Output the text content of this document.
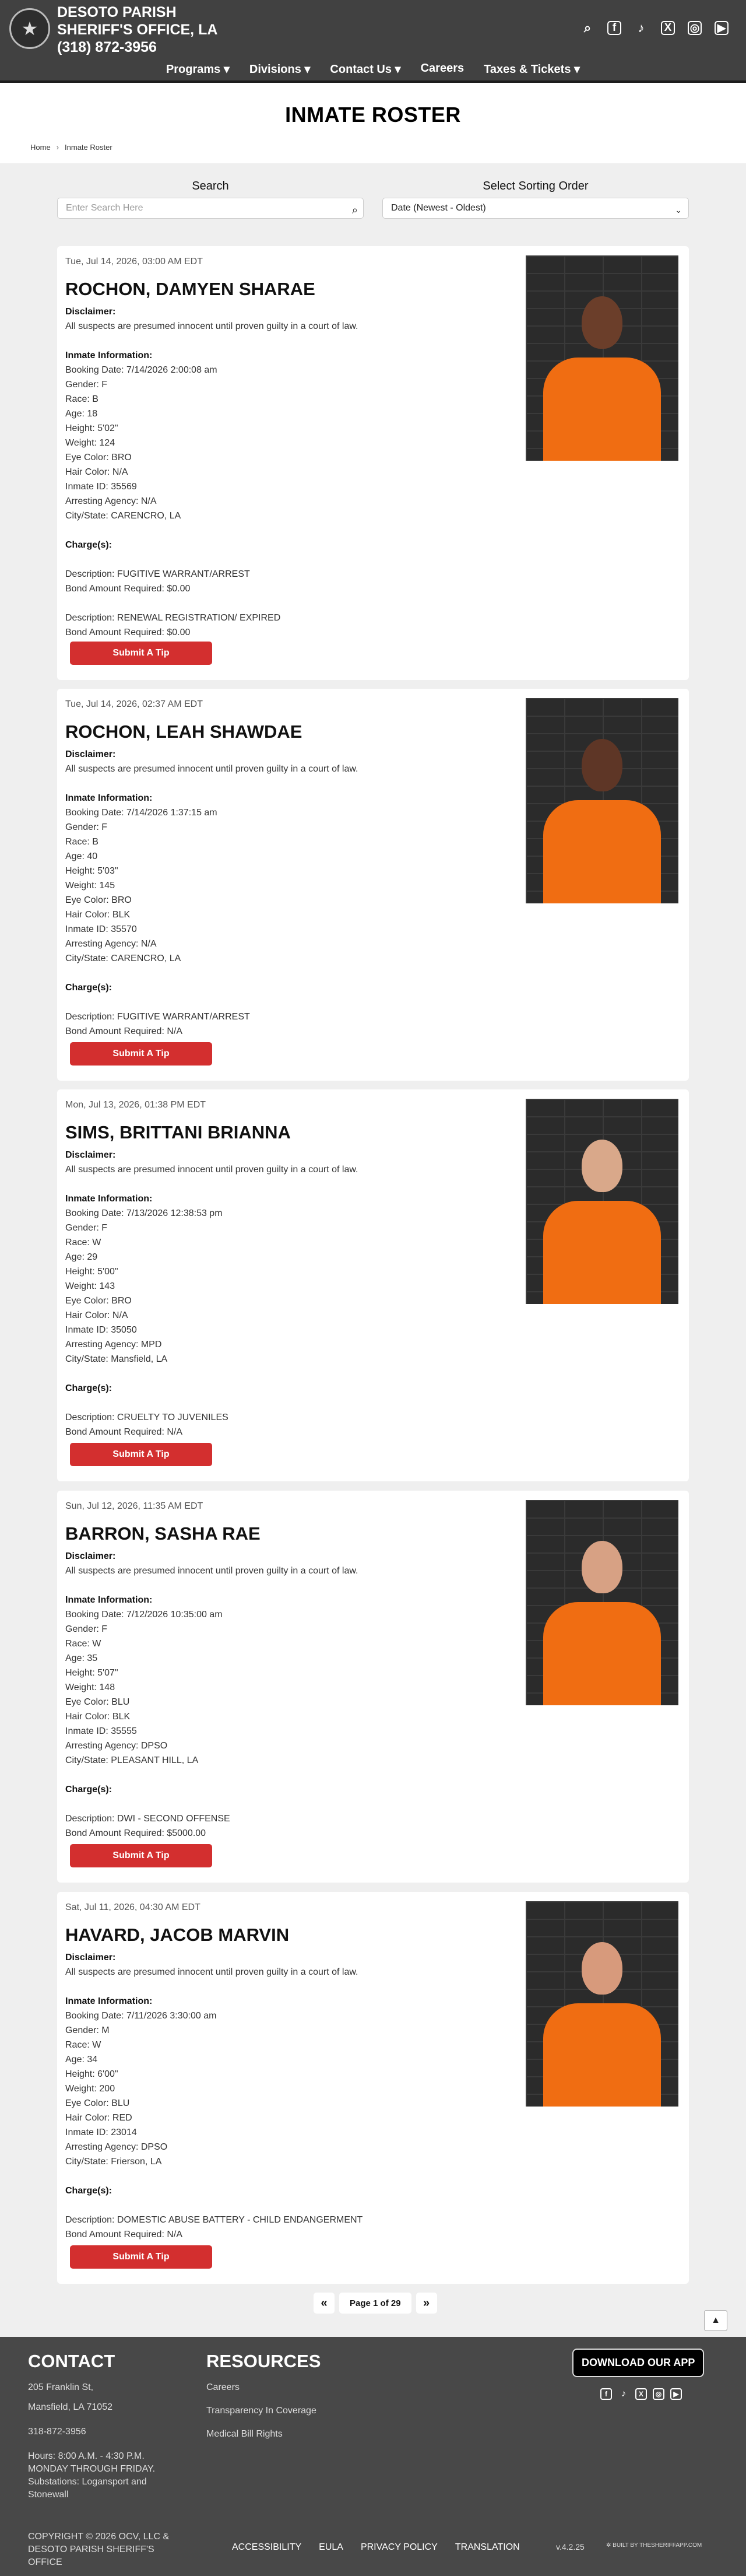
★
DESOTO PARISH
SHERIFF'S OFFICE, LA
(318) 872-3956
⌕	f	♪	X ◎ ▶
Programs ▾ Divisions ▾ Contact Us ▾ Careers Taxes & Tickets ▾
INMATE ROSTER
Home › Inmate Roster
Search
Enter Search Here	⌕
Select Sorting Order
Date (Newest - Oldest)	⌄
Tue, Jul 14, 2026, 03:00 AM EDT
ROCHON, DAMYEN SHARAE
Disclaimer:
All suspects are presumed innocent until proven guilty in a court of law.
Inmate Information:
Booking Date: 7/14/2026 2:00:08 am
Gender: F
Race: B
Age: 18
Height: 5'02"
Weight: 124
Eye Color: BRO
Hair Color: N/A
Inmate ID: 35569
Arresting Agency: N/A
City/State: CARENCRO, LA
Charge(s):
Description: FUGITIVE WARRANT/ARREST
Bond Amount Required: $0.00
Description: RENEWAL REGISTRATION/ EXPIRED
Bond Amount Required: $0.00
Submit A Tip
Tue, Jul 14, 2026, 02:37 AM EDT
ROCHON, LEAH SHAWDAE
Disclaimer:
All suspects are presumed innocent until proven guilty in a court of law.
Inmate Information:
Booking Date: 7/14/2026 1:37:15 am
Gender: F
Race: B
Age: 40
Height: 5'03"
Weight: 145
Eye Color: BRO
Hair Color: BLK
Inmate ID: 35570
Arresting Agency: N/A
City/State: CARENCRO, LA
Charge(s):
Description: FUGITIVE WARRANT/ARREST
Bond Amount Required: N/A
Submit A Tip
Mon, Jul 13, 2026, 01:38 PM EDT
SIMS, BRITTANI BRIANNA
Disclaimer:
All suspects are presumed innocent until proven guilty in a court of law.
Inmate Information:
Booking Date: 7/13/2026 12:38:53 pm
Gender: F
Race: W
Age: 29
Height: 5'00"
Weight: 143
Eye Color: BRO
Hair Color: N/A
Inmate ID: 35050
Arresting Agency: MPD
City/State: Mansfield, LA
Charge(s):
Description: CRUELTY TO JUVENILES
Bond Amount Required: N/A
Submit A Tip
Sun, Jul 12, 2026, 11:35 AM EDT
BARRON, SASHA RAE
Disclaimer:
All suspects are presumed innocent until proven guilty in a court of law.
Inmate Information:
Booking Date: 7/12/2026 10:35:00 am
Gender: F
Race: W
Age: 35
Height: 5'07"
Weight: 148
Eye Color: BLU
Hair Color: BLK
Inmate ID: 35555
Arresting Agency: DPSO
City/State: PLEASANT HILL, LA
Charge(s):
Description: DWI - SECOND OFFENSE
Bond Amount Required: $5000.00
Submit A Tip
Sat, Jul 11, 2026, 04:30 AM EDT
HAVARD, JACOB MARVIN
Disclaimer:
All suspects are presumed innocent until proven guilty in a court of law.
Inmate Information:
Booking Date: 7/11/2026 3:30:00 am
Gender: M
Race: W
Age: 34
Height: 6'00"
Weight: 200
Eye Color: BLU
Hair Color: RED
Inmate ID: 23014
Arresting Agency: DPSO
City/State: Frierson, LA
Charge(s):
Description: DOMESTIC ABUSE BATTERY - CHILD ENDANGERMENT
Bond Amount Required: N/A
Submit A Tip
«	Page 1 of 29	»
▲
CONTACT
205 Franklin St,
Mansfield, LA 71052
318-872-3956
Hours: 8:00 A.M. - 4:30 P.M.
MONDAY THROUGH FRIDAY.
Substations: Logansport and
Stonewall
RESOURCES
Careers
Transparency In Coverage
Medical Bill Rights
DOWNLOAD OUR APP
f	♪	X	◎	▶
COPYRIGHT © 2026 OCV, LLC &
DESOTO PARISH SHERIFF'S
OFFICE
ACCESSIBILITY EULA PRIVACY POLICY TRANSLATION	v.4.2.25	✲ BUILT BY THESHERIFFAPP.COM
